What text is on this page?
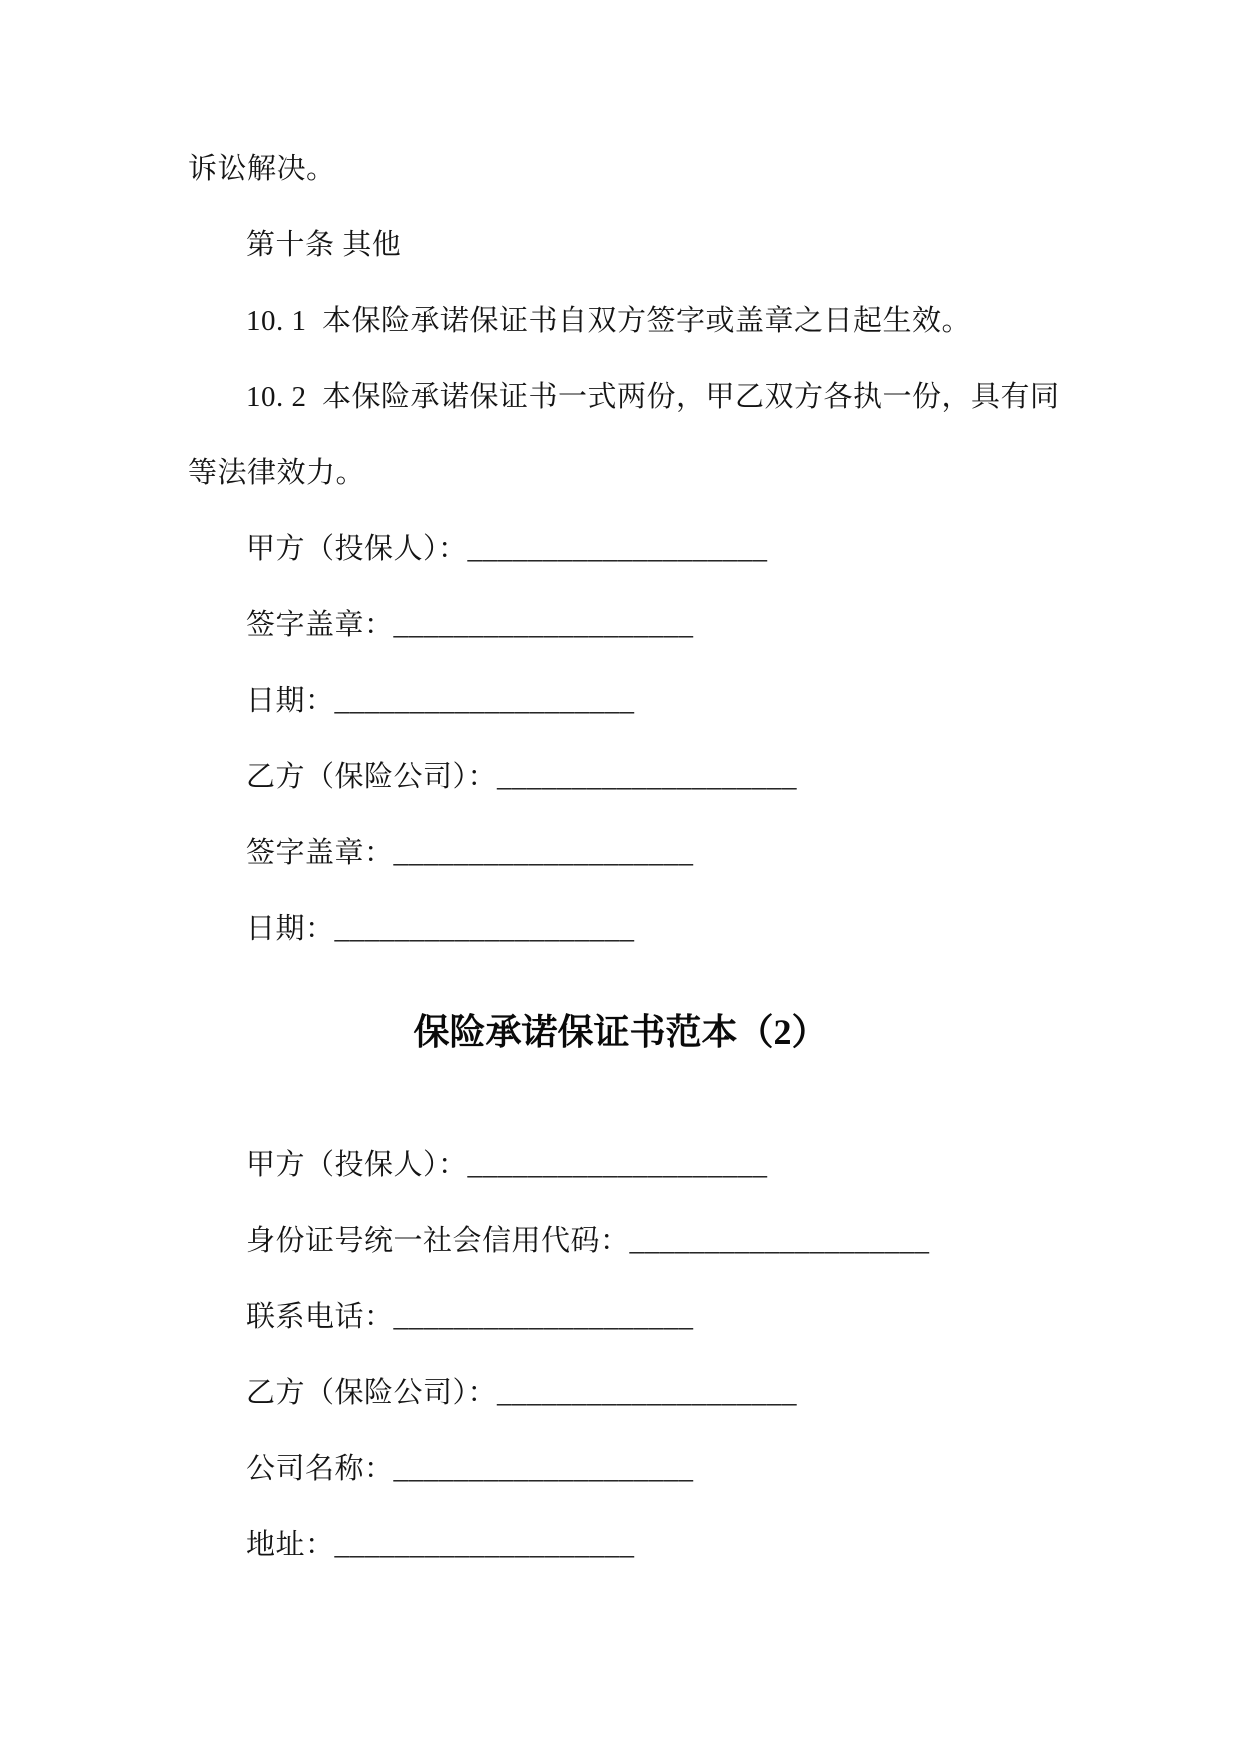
诉讼解决。
第十条 其他
10. 1  本保险承诺保证书自双方签字或盖章之日起生效。
10. 2  本保险承诺保证书一式两份，甲乙双方各执一份，具有同
等法律效力。
甲方（投保人）：____________________
签字盖章：____________________
日期：____________________
乙方（保险公司）：____________________
签字盖章：____________________
日期：____________________
保险承诺保证书范本（2）
甲方（投保人）：____________________
身份证号统一社会信用代码：____________________
联系电话：____________________
乙方（保险公司）：____________________
公司名称：____________________
地址：____________________
